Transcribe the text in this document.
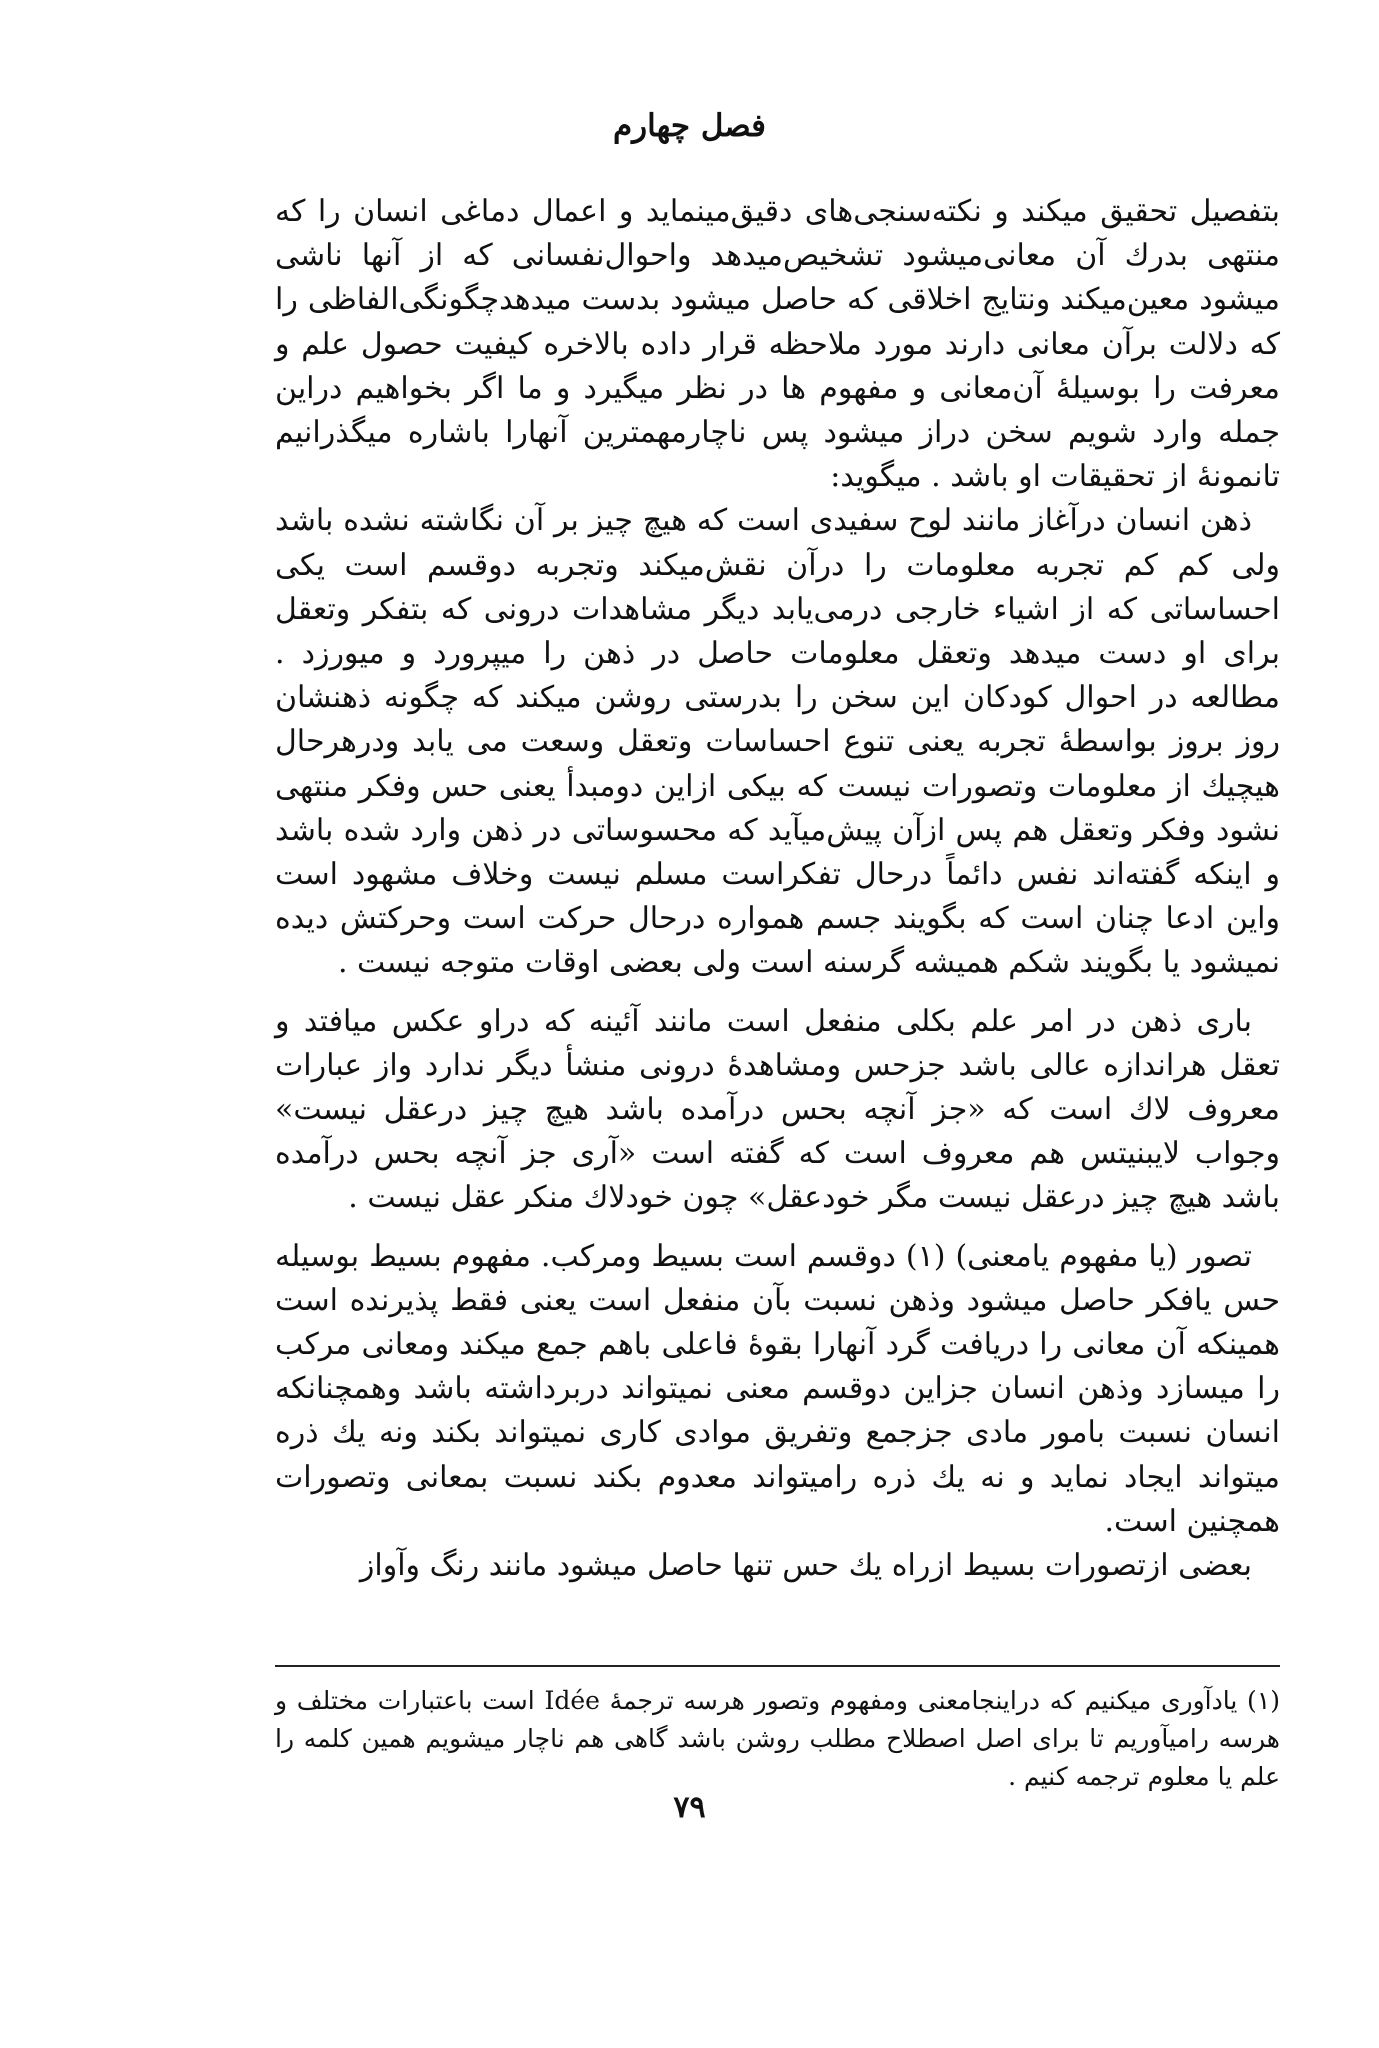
فصل چهارم

بتفصیل تحقیق میکند و نکته‌سنجی‌های دقیق‌مینماید و اعمال دماغی انسان را که منتهی بدرك آن معانی‌میشود تشخیص‌میدهد واحوال‌نفسانی که از آنها ناشی میشود معین‌میکند ونتایج اخلاقی که حاصل میشود بدست میدهدچگونگی‌الفاظی را که دلالت برآن معانی دارند مورد ملاحظه قرار داده بالاخره کیفیت حصول علم و معرفت را بوسیلهٔ آن‌معانی و مفهوم ها در نظر میگیرد و ما اگر بخواهیم دراین جمله وارد شویم سخن دراز میشود پس ناچارمهمترین آنهارا باشاره میگذرانیم تانمونهٔ از تحقیقات او باشد . میگوید:

ذهن انسان درآغاز مانند لوح سفیدی است که هیچ چیز بر آن نگاشته نشده باشد ولی کم کم تجربه معلومات را درآن نقش‌میکند وتجربه دوقسم است یکی احساساتی که از اشیاء خارجی درمی‌یابد دیگر مشاهدات درونی که بتفکر وتعقل برای او دست میدهد وتعقل معلومات حاصل در ذهن را میپرورد و میورزد . مطالعه در احوال کودکان این سخن را بدرستی روشن میکند که چگونه ذهنشان روز بروز بواسطهٔ تجربه یعنی تنوع احساسات وتعقل وسعت می یابد ودرهرحال هیچیك از معلومات وتصورات نیست که بیکی ازاین دومبدأ یعنی حس وفکر منتهی نشود وفکر وتعقل هم پس ازآن پیش‌میآید که محسوساتی در ذهن وارد شده باشد و اینکه گفته‌اند نفس دائماً درحال تفکراست مسلم نیست وخلاف مشهود است واین ادعا چنان است که بگویند جسم همواره درحال حرکت است وحرکتش دیده نمیشود یا بگویند شکم همیشه گرسنه است ولی بعضی اوقات متوجه نیست .

باری ذهن در امر علم بکلی منفعل است مانند آئینه که دراو عکس میافتد و تعقل هراندازه عالی باشد جزحس ومشاهدهٔ درونی منشأ دیگر ندارد واز عبارات معروف لاك است که «جز آنچه بحس درآمده باشد هیچ چیز درعقل نیست» وجواب لایبنیتس هم معروف است که گفته است «آری جز آنچه بحس درآمده باشد هیچ چیز درعقل نیست مگر خودعقل» چون خودلاك منکر عقل نیست .

تصور (یا مفهوم یامعنی) (۱) دوقسم است بسیط ومرکب. مفهوم بسیط بوسیله حس یافکر حاصل میشود وذهن نسبت بآن منفعل است یعنی فقط پذیرنده است همینکه آن معانی را دریافت گرد آنهارا بقوهٔ فاعلی باهم جمع میکند ومعانی مرکب را میسازد وذهن انسان جزاین دوقسم معنی نمیتواند دربرداشته باشد وهمچنانکه انسان نسبت بامور مادی جزجمع وتفریق موادی کاری نمیتواند بکند ونه یك ذره میتواند ایجاد نماید و نه یك ذره رامیتواند معدوم بکند نسبت بمعانی وتصورات همچنین است.

بعضی ازتصورات بسیط ازراه یك حس تنها حاصل میشود مانند رنگ وآواز

(۱) یادآوری میکنیم که دراینجامعنی ومفهوم وتصور هرسه ترجمهٔ Idée است باعتبارات مختلف و هرسه رامیآوریم تا برای اصل اصطلاح مطلب روشن باشد گاهی هم ناچار میشویم همین کلمه را علم یا معلوم ترجمه کنیم .

۷۹
